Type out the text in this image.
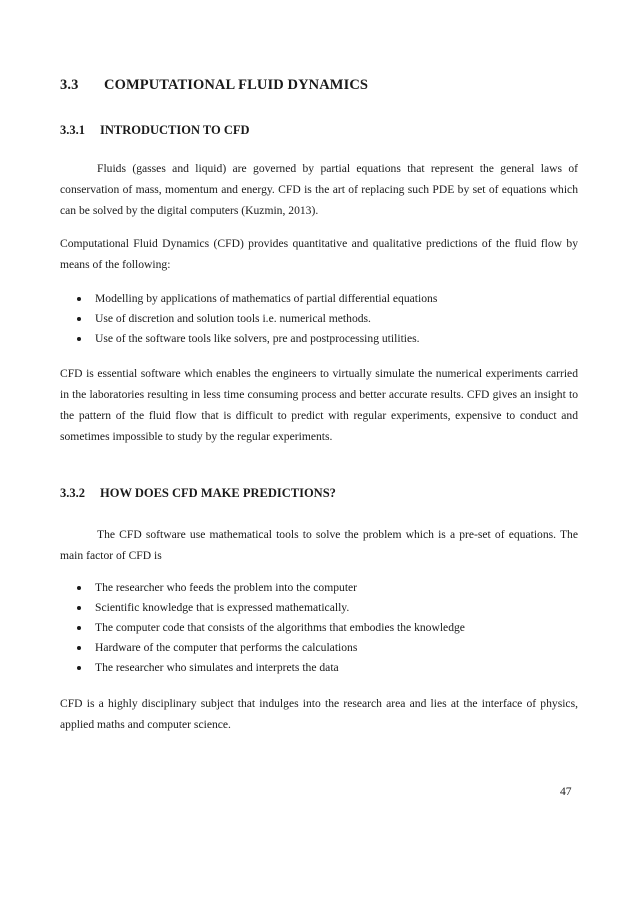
3.3 COMPUTATIONAL FLUID DYNAMICS
3.3.1 INTRODUCTION TO CFD

Fluids (gasses and liquid) are governed by partial equations that represent the general laws of conservation of mass, momentum and energy. CFD is the art of replacing such PDE by set of equations which can be solved by the digital computers (Kuzmin, 2013).

Computational Fluid Dynamics (CFD) provides quantitative and qualitative predictions of the fluid flow by means of the following:

Modelling by applications of mathematics of partial differential equations
Use of discretion and solution tools i.e. numerical methods.
Use of the software tools like solvers, pre and postprocessing utilities.

CFD is essential software which enables the engineers to virtually simulate the numerical experiments carried in the laboratories resulting in less time consuming process and better accurate results. CFD gives an insight to the pattern of the fluid flow that is difficult to predict with regular experiments, expensive to conduct and sometimes impossible to study by the regular experiments.

3.3.2 HOW DOES CFD MAKE PREDICTIONS?

The CFD software use mathematical tools to solve the problem which is a pre-set of equations. The main factor of CFD is

The researcher who feeds the problem into the computer
Scientific knowledge that is expressed mathematically.
The computer code that consists of the algorithms that embodies the knowledge
Hardware of the computer that performs the calculations
The researcher who simulates and interprets the data

CFD is a highly disciplinary subject that indulges into the research area and lies at the interface of physics, applied maths and computer science.

47
